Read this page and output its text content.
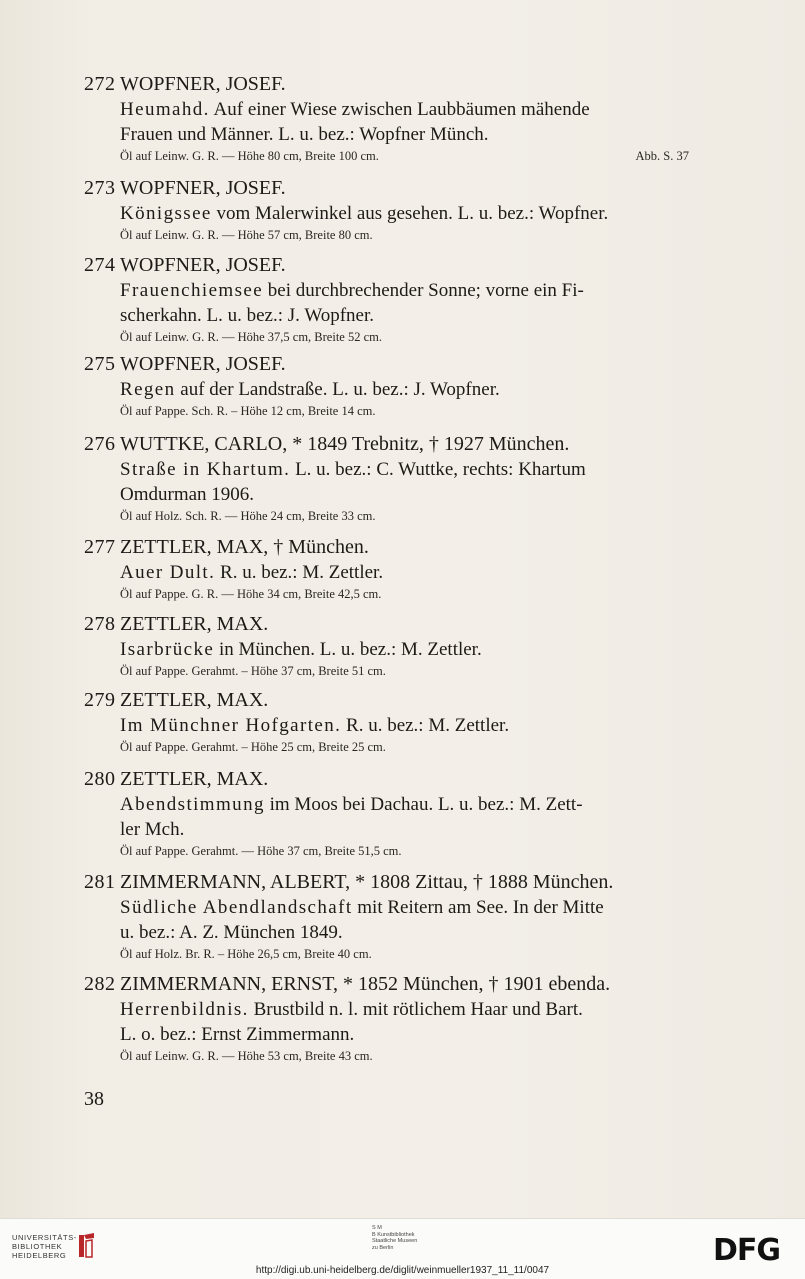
272 WOPFNER, JOSEF.
Heumahd. Auf einer Wiese zwischen Laubbäumen mähende
Frauen und Männer. L. u. bez.: Wopfner Münch.
Öl auf Leinw. G. R. — Höhe 80 cm, Breite 100 cm.	Abb. S. 37
273 WOPFNER, JOSEF.
Königssee vom Malerwinkel aus gesehen. L. u. bez.: Wopfner.
Öl auf Leinw. G. R. — Höhe 57 cm, Breite 80 cm.
274 WOPFNER, JOSEF.
Frauenchiemsee bei durchbrechender Sonne; vorne ein Fi-
scherkahn. L. u. bez.: J. Wopfner.
Öl auf Leinw. G. R. — Höhe 37,5 cm, Breite 52 cm.
275 WOPFNER, JOSEF.
Regen auf der Landstraße. L. u. bez.: J. Wopfner.
Öl auf Pappe. Sch. R. – Höhe 12 cm, Breite 14 cm.
276 WUTTKE, CARLO, * 1849 Trebnitz, † 1927 München.
Straße in Khartum. L. u. bez.: C. Wuttke, rechts: Khartum
Omdurman 1906.
Öl auf Holz. Sch. R. — Höhe 24 cm, Breite 33 cm.
277 ZETTLER, MAX, † München.
Auer Dult. R. u. bez.: M. Zettler.
Öl auf Pappe. G. R. — Höhe 34 cm, Breite 42,5 cm.
278 ZETTLER, MAX.
Isarbrücke in München. L. u. bez.: M. Zettler.
Öl auf Pappe. Gerahmt. – Höhe 37 cm, Breite 51 cm.
279 ZETTLER, MAX.
Im Münchner Hofgarten. R. u. bez.: M. Zettler.
Öl auf Pappe. Gerahmt. – Höhe 25 cm, Breite 25 cm.
280 ZETTLER, MAX.
Abendstimmung im Moos bei Dachau. L. u. bez.: M. Zett-
ler Mch.
Öl auf Pappe. Gerahmt. — Höhe 37 cm, Breite 51,5 cm.
281 ZIMMERMANN, ALBERT, * 1808 Zittau, † 1888 München.
Südliche Abendlandschaft mit Reitern am See. In der Mitte
u. bez.: A. Z. München 1849.
Öl auf Holz. Br. R. – Höhe 26,5 cm, Breite 40 cm.
282 ZIMMERMANN, ERNST, * 1852 München, † 1901 ebenda.
Herrenbildnis. Brustbild n. l. mit rötlichem Haar und Bart.
L. o. bez.: Ernst Zimmermann.
Öl auf Leinw. G. R. — Höhe 53 cm, Breite 43 cm.
38
UNIVERSITÄTS-
BIBLIOTHEK
HEIDELBERG
S M
B Kunstbibliothek
Staatliche Museen
zu Berlin	DFG
http://digi.ub.uni-heidelberg.de/diglit/weinmueller1937_11_11/0047
